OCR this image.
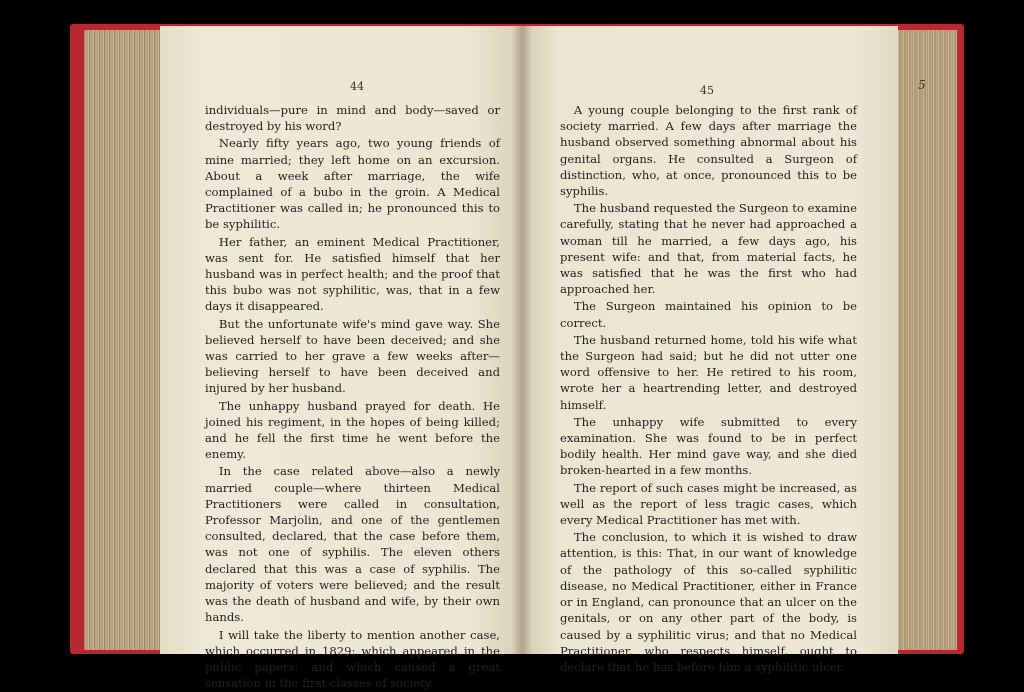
44	45

individuals—pure in mind and body—saved or destroyed by his word?

Nearly fifty years ago, two young friends of mine married; they left home on an excursion. About a week after marriage, the wife complained of a bubo in the groin. A Medical Practitioner was called in; he pronounced this to be syphilitic.

Her father, an eminent Medical Practitioner, was sent for. He satisfied himself that her husband was in perfect health; and the proof that this bubo was not syphilitic, was, that in a few days it disappeared.

But the unfortunate wife's mind gave way. She believed herself to have been deceived; and she was carried to her grave a few weeks after—believing herself to have been deceived and injured by her husband.

The unhappy husband prayed for death. He joined his regiment, in the hopes of being killed; and he fell the first time he went before the enemy.

In the case related above—also a newly married couple—where thirteen Medical Practitioners were called in consultation, Professor Marjolin, and one of the gentlemen consulted, declared, that the case before them, was not one of syphilis. The eleven others declared that this was a case of syphilis. The majority of voters were believed; and the result was the death of husband and wife, by their own hands.

I will take the liberty to mention another case, which occurred in 1829; which appeared in the public papers; and which caused a great sensation in the first classes of society.

A young couple belonging to the first rank of society married. A few days after marriage the husband observed something abnormal about his genital organs. He consulted a Surgeon of distinction, who, at once, pronounced this to be syphilis.

The husband requested the Surgeon to examine carefully, stating that he never had approached a woman till he married, a few days ago, his present wife: and that, from material facts, he was satisfied that he was the first who had approached her.

The Surgeon maintained his opinion to be correct.

The husband returned home, told his wife what the Surgeon had said; but he did not utter one word offensive to her. He retired to his room, wrote her a heartrending letter, and destroyed himself.

The unhappy wife submitted to every examination. She was found to be in perfect bodily health. Her mind gave way, and she died broken-hearted in a few months.

The report of such cases might be increased, as well as the report of less tragic cases, which every Medical Practitioner has met with.

The conclusion, to which it is wished to draw attention, is this: That, in our want of knowledge of the pathology of this so-called syphilitic disease, no Medical Practitioner, either in France or in England, can pronounce that an ulcer on the genitals, or on any other part of the body, is caused by a syphilitic virus; and that no Medical Practitioner, who respects himself, ought to declare that he has before him a syphilitic ulcer.

5
